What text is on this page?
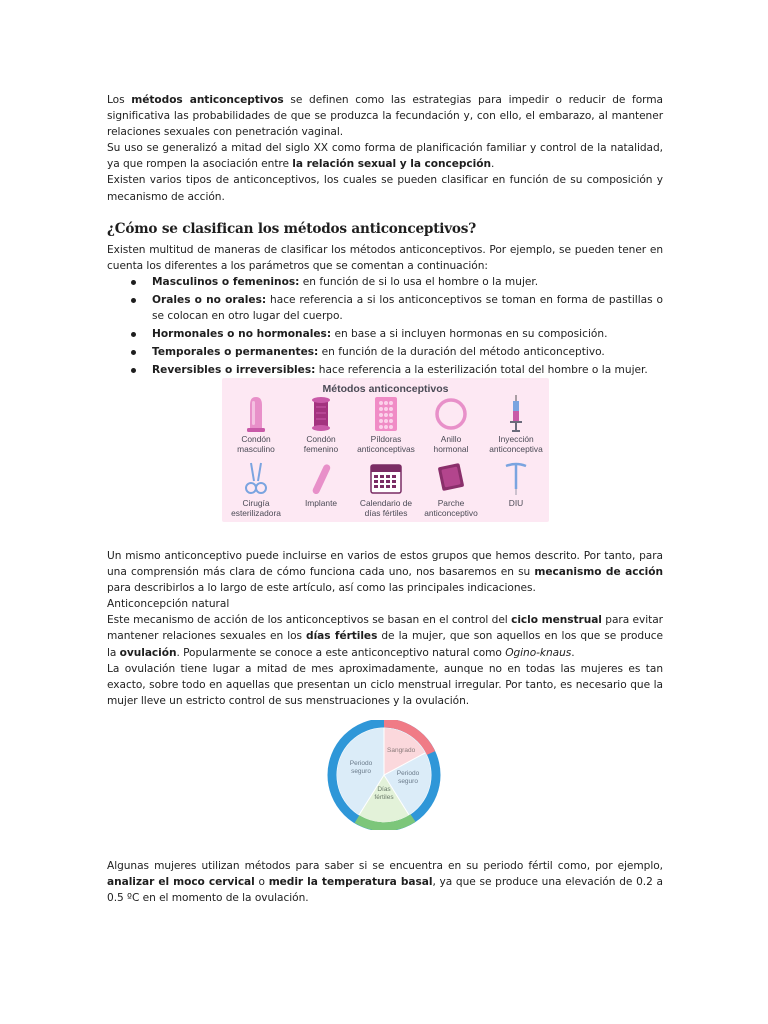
Los métodos anticonceptivos se definen como las estrategias para impedir o reducir de forma significativa las probabilidades de que se produzca la fecundación y, con ello, el embarazo, al mantener relaciones sexuales con penetración vaginal.

Su uso se generalizó a mitad del siglo XX como forma de planificación familiar y control de la natalidad, ya que rompen la asociación entre la relación sexual y la concepción.

Existen varios tipos de anticonceptivos, los cuales se pueden clasificar en función de su composición y mecanismo de acción.

¿Cómo se clasifican los métodos anticonceptivos?

Existen multitud de maneras de clasificar los métodos anticonceptivos. Por ejemplo, se pueden tener en cuenta los diferentes a los parámetros que se comentan a continuación:

Masculinos o femeninos: en función de si lo usa el hombre o la mujer.
Orales o no orales: hace referencia a si los anticonceptivos se toman en forma de pastillas o se colocan en otro lugar del cuerpo.
Hormonales o no hormonales: en base a si incluyen hormonas en su composición.
Temporales o permanentes: en función de la duración del método anticonceptivo.
Reversibles o irreversibles: hace referencia a la esterilización total del hombre o la mujer.
Métodos anticonceptivos
Condón
masculino
Condón
femenino
Píldoras
anticonceptivas
Anillo
hormonal
Inyección
anticonceptiva
Cirugía
esterilizadora
Implante	Calendario de
días fértiles
Parche
anticonceptivo
DIU

Un mismo anticonceptivo puede incluirse en varios de estos grupos que hemos descrito. Por tanto, para una comprensión más clara de cómo funciona cada uno, nos basaremos en su mecanismo de acción para describirlos a lo largo de este artículo, así como las principales indicaciones.

Anticoncepción natural

Este mecanismo de acción de los anticonceptivos se basan en el control del ciclo menstrual para evitar mantener relaciones sexuales en los días fértiles de la mujer, que son aquellos en los que se produce la ovulación. Popularmente se conoce a este anticonceptivo natural como Ogino-knaus.

La ovulación tiene lugar a mitad de mes aproximadamente, aunque no en todas las mujeres es tan exacto, sobre todo en aquellas que presentan un ciclo menstrual irregular. Por tanto, es necesario que la mujer lleve un estricto control de sus menstruaciones y la ovulación.

Sangrado
Periodo
seguro	Periodo
seguro
Días
fértiles

Algunas mujeres utilizan métodos para saber si se encuentra en su periodo fértil como, por ejemplo, analizar el moco cervical o medir la temperatura basal, ya que se produce una elevación de 0.2 a 0.5 ºC en el momento de la ovulación.
